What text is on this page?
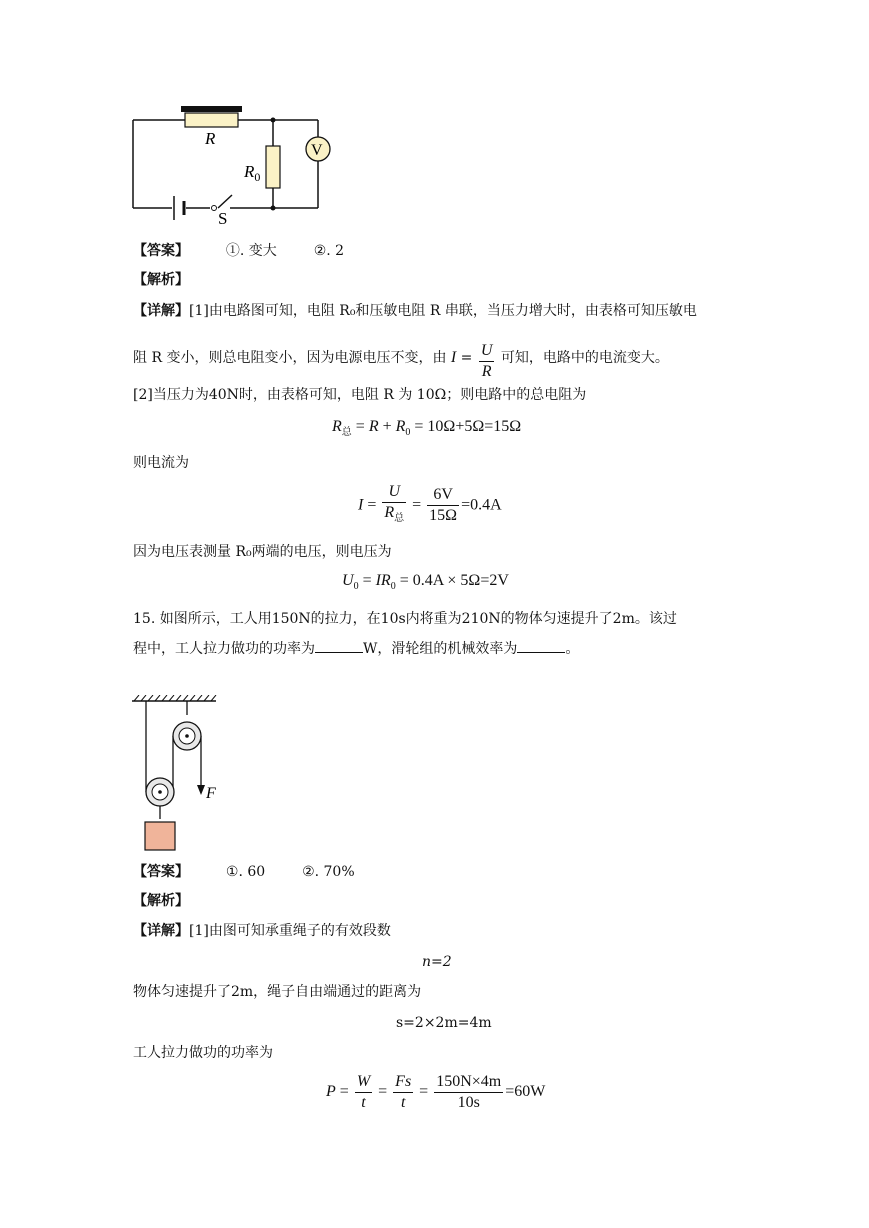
R
$R_0$
V
S
【答案】	①. 变大	②. 2
【解析】
【详解】[1]由电路图可知，电阻 R₀和压敏电阻 R 串联，当压力增大时，由表格可知压敏电
阻 R 变小，则总电阻变小，因为电源电压不变，由 $I = \frac{U}{R}$ 可知，电路中的电流变大。
[2]当压力为40N时，由表格可知，电阻 R 为 10Ω；则电路中的总电阻为
$R_总 = R + R_0 = 10\Omega+5\Omega=15\Omega$
则电流为
$I = \frac{U}{R_总} = \frac{6V}{15\Omega} =0.4A$
因为电压表测量 R₀两端的电压，则电压为
$U_0 = IR_0 = 0.4A \times 5\Omega=2V$
15. 如图所示，工人用150N的拉力，在10s内将重为210N的物体匀速提升了2m。该过
程中，工人拉力做功的功率为	W，滑轮组的机械效率为	。
F
【答案】	①. 60	②. 70%
【解析】
【详解】[1]由图可知承重绳子的有效段数
n=2
物体匀速提升了2m，绳子自由端通过的距离为
s=2×2m=4m
工人拉力做功的功率为
$P = \frac{W}{t} = \frac{Fs}{t} = \frac{150N\times 4m}{10s} =60W$
